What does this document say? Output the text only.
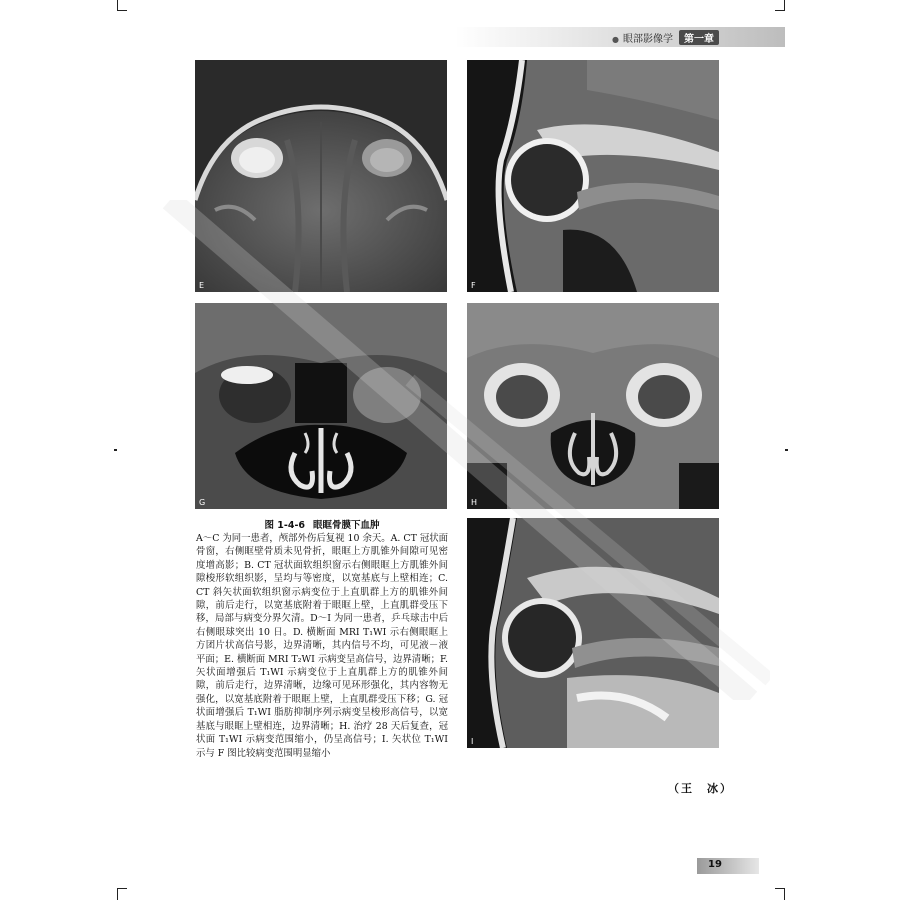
● 眼部影像学 第一章
E	F
G	H
I
图 1-4-6 眼眶骨膜下血肿
A～C 为同一患者，颅部外伤后复视 10 余天。A. CT 冠状面骨窗，右侧眶壁骨质未见骨折，眼眶上方肌锥外间隙可见密度增高影；B. CT 冠状面软组织窗示右侧眼眶上方肌锥外间隙梭形软组织影，呈均与等密度，以宽基底与上壁相连；C. CT 斜矢状面软组织窗示病变位于上直肌群上方的肌锥外间隙，前后走行，以宽基底附着于眼眶上壁，上直肌群受压下移，局部与病变分界欠清。D～I 为同一患者，乒乓球击中后右侧眼球突出 10 日。D. 横断面 MRI T₁WI 示右侧眼眶上方团片状高信号影，边界清晰，其内信号不均，可见液－液平面；E. 横断面 MRI T₂WI 示病变呈高信号，边界清晰；F. 矢状面增强后 T₁WI 示病变位于上直肌群上方的肌锥外间隙，前后走行，边界清晰，边缘可见环形强化，其内容物无强化，以宽基底附着于眼眶上壁，上直肌群受压下移；G. 冠状面增强后 T₁WI 脂肪抑制序列示病变呈梭形高信号，以宽基底与眼眶上壁相连，边界清晰；H. 治疗 28 天后复查，冠状面 T₁WI 示病变范围缩小，仍呈高信号；I. 矢状位 T₁WI 示与 F 图比较病变范围明显缩小
（王　冰）
19
